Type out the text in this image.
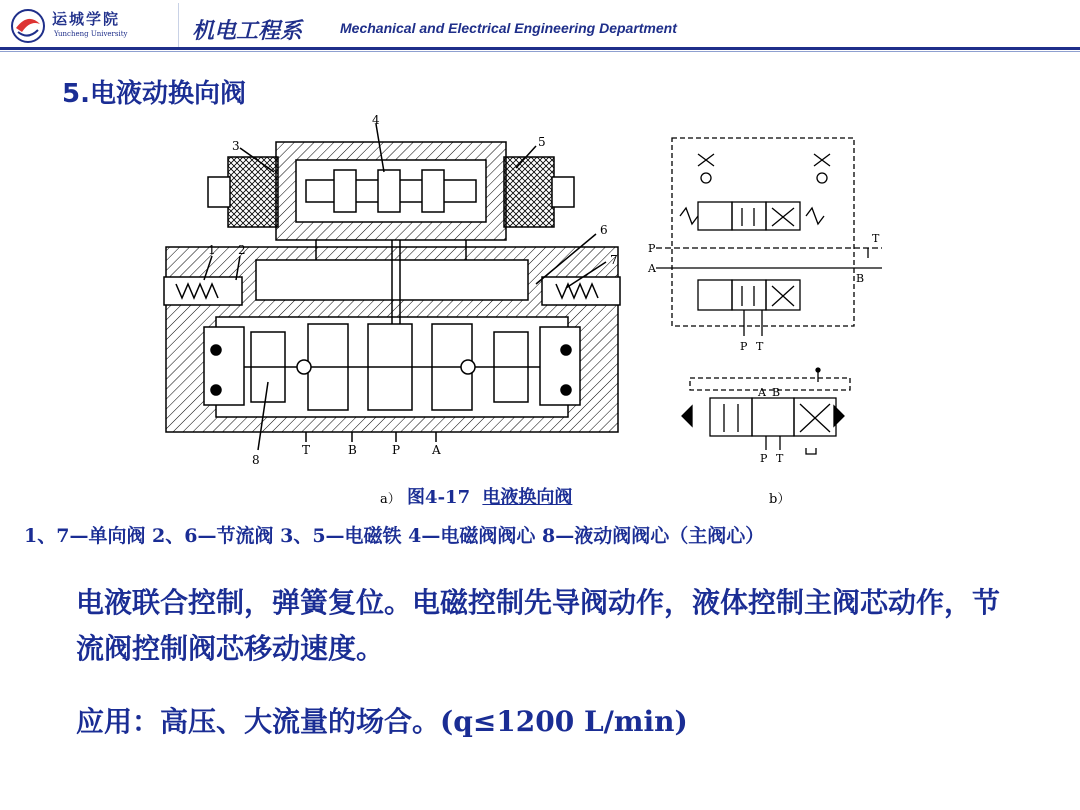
运城学院
Yuncheng University	机电工程系	Mechanical and Electrical Engineering Department
5.电液动换向阀
1 2
3
4
5
6
7
8
T	B	P	A
P
A
B
T
P T
A B
P T
a） 图4-17 电液换向阀	b）
1、7—单向阀 2、6—节流阀 3、5—电磁铁 4—电磁阀阀心 8—液动阀阀心（主阀心）
电液联合控制，弹簧复位。电磁控制先导阀动作，液体控制主阀芯动作，节流阀控制阀芯移动速度。
应用：高压、大流量的场合。(q≤1200 L/min)
